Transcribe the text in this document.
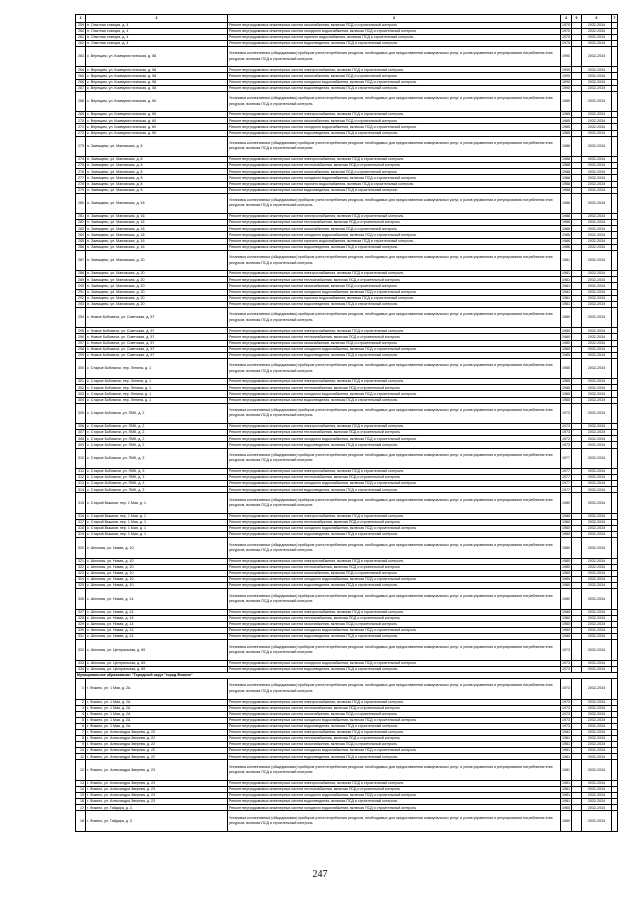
1	2	3	4	5	6	7
259	п. Опытная станция, д. 4	Ремонт внутридомовых инженерных систем газоснабжения, включая ПСД и строительный контроль	1970		2032-2034	
260	п. Опытная станция, д. 4	Ремонт внутридомовых инженерных систем холодного водоснабжения, включая ПСД и строительный контроль	1970		2032-2034	
261	п. Опытная станция, д. 4	Ремонт внутридомовых инженерных систем горячего водоснабжения, включая ПСД и строительный контроль	1970		2032-2034	
262	п. Опытная станция, д. 4	Ремонт внутридомовых инженерных систем водоотведения, включая ПСД и строительный контроль	1970		2032-2034	
263	с. Верещим, ул. Коммунистическая, д. 58	Установка коллективных (общедомовых) приборов учета потребления ресурсов, необходимых для предоставления коммунальных услуг, и узлов управления и регулирования потребления этих ресурсов, включая ПСД и строительный контроль	1990		2032-2034	
264	с. Верещим, ул. Коммунистическая, д. 58	Ремонт внутридомовых инженерных систем электроснабжения, включая ПСД и строительный контроль	1990		2032-2034	
265	с. Верещим, ул. Коммунистическая, д. 58	Ремонт внутридомовых инженерных систем газоснабжения, включая ПСД и строительный контроль	1990		2032-2034	
266	с. Верещим, ул. Коммунистическая, д. 58	Ремонт внутридомовых инженерных систем холодного водоснабжения, включая ПСД и строительный контроль	1990		2032-2034	
267	с. Верещим, ул. Коммунистическая, д. 58	Ремонт внутридомовых инженерных систем водоотведения, включая ПСД и строительный контроль	1990		2032-2034	
268	с. Верещим, ул. Коммунистическая, д. 60	Установка коллективных (общедомовых) приборов учета потребления ресурсов, необходимых для предоставления коммунальных услуг, и узлов управления и регулирования потребления этих ресурсов, включая ПСД и строительный контроль	1985		2032-2034	
269	с. Верещим, ул. Коммунистическая, д. 60	Ремонт внутридомовых инженерных систем электроснабжения, включая ПСД и строительный контроль	1985		2032-2034	
270	с. Верещим, ул. Коммунистическая, д. 60	Ремонт внутридомовых инженерных систем газоснабжения, включая ПСД и строительный контроль	1985		2032-2034	
271	с. Верещим, ул. Коммунистическая, д. 60	Ремонт внутридомовых инженерных систем холодного водоснабжения, включая ПСД и строительный контроль	1985		2032-2034	
272	с. Верещим, ул. Коммунистическая, д. 60	Ремонт внутридомовых инженерных систем водоотведения, включая ПСД и строительный контроль	1985		2032-2034	
273	п. Заимщево, ул. Мановская, д. 8	Установка коллективных (общедомовых) приборов учета потребления ресурсов, необходимых для предоставления коммунальных услуг, и узлов управления и регулирования потребления этих ресурсов, включая ПСД и строительный контроль	1988		2032-2034	
274	п. Заимщево, ул. Мановская, д. 8	Ремонт внутридомовых инженерных систем электроснабжения, включая ПСД и строительный контроль	1988		2032-2034	
275	п. Заимщево, ул. Мановская, д. 8	Ремонт внутридомовых инженерных систем теплоснабжения, включая ПСД и строительный контроль	1988		2032-2034	
276	п. Заимщево, ул. Мановская, д. 8	Ремонт внутридомовых инженерных систем газоснабжения, включая ПСД и строительный контроль	1988		2032-2034	
277	п. Заимщево, ул. Мановская, д. 8	Ремонт внутридомовых инженерных систем холодного водоснабжения, включая ПСД и строительный контроль	1988		2032-2034	
278	п. Заимщево, ул. Мановская, д. 8	Ремонт внутридомовых инженерных систем горячего водоснабжения, включая ПСД и строительный контроль	1988		2032-2034	
279	п. Заимщево, ул. Мановская, д. 8	Ремонт внутридомовых инженерных систем водоотведения, включая ПСД и строительный контроль	1988		2032-2034	
280	п. Заимщево, ул. Мановская, д. 16	Установка коллективных (общедомовых) приборов учета потребления ресурсов, необходимых для предоставления коммунальных услуг, и узлов управления и регулирования потребления этих ресурсов, включая ПСД и строительный контроль	1986		2032-2034	
281	п. Заимщево, ул. Мановская, д. 16	Ремонт внутридомовых инженерных систем электроснабжения, включая ПСД и строительный контроль	1986		2032-2034	
282	п. Заимщево, ул. Мановская, д. 16	Ремонт внутридомовых инженерных систем теплоснабжения, включая ПСД и строительный контроль	1986		2032-2034	
283	п. Заимщево, ул. Мановская, д. 16	Ремонт внутридомовых инженерных систем газоснабжения, включая ПСД и строительный контроль	1986		2032-2034	
284	п. Заимщево, ул. Мановская, д. 16	Ремонт внутридомовых инженерных систем холодного водоснабжения, включая ПСД и строительный контроль	1986		2032-2034	
285	п. Заимщево, ул. Мановская, д. 16	Ремонт внутридомовых инженерных систем горячего водоснабжения, включая ПСД и строительный контроль	1986		2032-2034	
286	п. Заимщево, ул. Мановская, д. 16	Ремонт внутридомовых инженерных систем водоотведения, включая ПСД и строительный контроль	1986		2032-2034	
287	п. Заимщево, ул. Мановская, д. 20	Установка коллективных (общедомовых) приборов учета потребления ресурсов, необходимых для предоставления коммунальных услуг, и узлов управления и регулирования потребления этих ресурсов, включая ПСД и строительный контроль	1981		2032-2034	
288	п. Заимщево, ул. Мановская, д. 20	Ремонт внутридомовых инженерных систем электроснабжения, включая ПСД и строительный контроль	1981		2032-2034	
289	п. Заимщево, ул. Мановская, д. 20	Ремонт внутридомовых инженерных систем теплоснабжения, включая ПСД и строительный контроль	1981		2032-2034	
290	п. Заимщево, ул. Мановская, д. 20	Ремонт внутридомовых инженерных систем газоснабжения, включая ПСД и строительный контроль	1981		2032-2034	
291	п. Заимщево, ул. Мановская, д. 20	Ремонт внутридомовых инженерных систем холодного водоснабжения, включая ПСД и строительный контроль	1981		2032-2034	
292	п. Заимщево, ул. Мановская, д. 20	Ремонт внутридомовых инженерных систем горячего водоснабжения, включая ПСД и строительный контроль	1981		2032-2034	
293	п. Заимщево, ул. Мановская, д. 20	Ремонт внутридомовых инженерных систем водоотведения, включая ПСД и строительный контроль	1981		2032-2034	
294	с. Новые Бобовичи, ул. Советская, д. 57	Установка коллективных (общедомовых) приборов учета потребления ресурсов, необходимых для предоставления коммунальных услуг, и узлов управления и регулирования потребления этих ресурсов, включая ПСД и строительный контроль	1980		2032-2034	
295	с. Новые Бобовичи, ул. Советская, д. 57	Ремонт внутридомовых инженерных систем электроснабжения, включая ПСД и строительный контроль	1980		2032-2034	
296	с. Новые Бобовичи, ул. Советская, д. 57	Ремонт внутридомовых инженерных систем теплоснабжения, включая ПСД и строительный контроль	1980		2032-2034	
297	с. Новые Бобовичи, ул. Советская, д. 57	Ремонт внутридомовых инженерных систем газоснабжения, включая ПСД и строительный контроль	1980		2032-2034	
298	с. Новые Бобовичи, ул. Советская, д. 57	Ремонт внутридомовых инженерных систем холодного водоснабжения, включая ПСД и строительный контроль	1980		2032-2034	
299	с. Новые Бобовичи, ул. Советская, д. 57	Ремонт внутридомовых инженерных систем водоотведения, включая ПСД и строительный контроль	1980		2032-2034	
300	с. Старые Бобовичи, пер. Ленина, д. 1	Установка коллективных (общедомовых) приборов учета потребления ресурсов, необходимых для предоставления коммунальных услуг, и узлов управления и регулирования потребления этих ресурсов, включая ПСД и строительный контроль	1985		2032-2034	
301	с. Старые Бобовичи, пер. Ленина, д. 1	Ремонт внутридомовых инженерных систем электроснабжения, включая ПСД и строительный контроль	1985		2032-2034	
302	с. Старые Бобовичи, пер. Ленина, д. 1	Ремонт внутридомовых инженерных систем теплоснабжения, включая ПСД и строительный контроль	1985		2032-2034	
303	с. Старые Бобовичи, пер. Ленина, д. 1	Ремонт внутридомовых инженерных систем холодного водоснабжения, включая ПСД и строительный контроль	1985		2032-2034	
304	с. Старые Бобовичи, пер. Ленина, д. 1	Ремонт внутридомовых инженерных систем водоотведения, включая ПСД и строительный контроль	1985		2032-2034	
305	с. Старые Бобовичи, ул. ПМК, д. 2	Установка коллективных (общедомовых) приборов учета потребления ресурсов, необходимых для предоставления коммунальных услуг, и узлов управления и регулирования потребления этих ресурсов, включая ПСД и строительный контроль	1973		2032-2034	
306	с. Старые Бобовичи, ул. ПМК, д. 2	Ремонт внутридомовых инженерных систем электроснабжения, включая ПСД и строительный контроль	1973		2032-2034	
307	с. Старые Бобовичи, ул. ПМК, д. 2	Ремонт внутридомовых инженерных систем теплоснабжения, включая ПСД и строительный контроль	1973		2032-2034	
308	с. Старые Бобовичи, ул. ПМК, д. 2	Ремонт внутридомовых инженерных систем холодного водоснабжения, включая ПСД и строительный контроль	1973		2032-2034	
309	с. Старые Бобовичи, ул. ПМК, д. 2	Ремонт внутридомовых инженерных систем водоотведения, включая ПСД и строительный контроль	1973		2032-2034	
310	с. Старые Бобовичи, ул. ПМК, д. 3	Установка коллективных (общедомовых) приборов учета потребления ресурсов, необходимых для предоставления коммунальных услуг, и узлов управления и регулирования потребления этих ресурсов, включая ПСД и строительный контроль	1977		2032-2034	
311	с. Старые Бобовичи, ул. ПМК, д. 3	Ремонт внутридомовых инженерных систем электроснабжения, включая ПСД и строительный контроль	1977		2032-2034	
312	с. Старые Бобовичи, ул. ПМК, д. 3	Ремонт внутридомовых инженерных систем теплоснабжения, включая ПСД и строительный контроль	1977		2032-2034	
313	с. Старые Бобовичи, ул. ПМК, д. 3	Ремонт внутридомовых инженерных систем холодного водоснабжения, включая ПСД и строительный контроль	1977		2032-2034	
314	с. Старые Бобовичи, ул. ПМК, д. 3	Ремонт внутридомовых инженерных систем водоотведения, включая ПСД и строительный контроль	1977		2032-2034	
315	с. Старый Вышков, пер. 1 Мая, д. 1	Установка коллективных (общедомовых) приборов учета потребления ресурсов, необходимых для предоставления коммунальных услуг, и узлов управления и регулирования потребления этих ресурсов, включая ПСД и строительный контроль	1980		2032-2034	
316	с. Старый Вышков, пер. 1 Мая, д. 1	Ремонт внутридомовых инженерных систем электроснабжения, включая ПСД и строительный контроль	1980		2032-2034	
317	с. Старый Вышков, пер. 1 Мая, д. 1	Ремонт внутридомовых инженерных систем теплоснабжения, включая ПСД и строительный контроль	1980		2032-2034	
318	с. Старый Вышков, пер. 1 Мая, д. 1	Ремонт внутридомовых инженерных систем холодного водоснабжения, включая ПСД и строительный контроль	1980		2032-2034	
319	с. Старый Вышков, пер. 1 Мая, д. 1	Ремонт внутридомовых инженерных систем водоотведения, включая ПСД и строительный контроль	1980		2032-2034	
320	с. Шеломы, ул. Новая, д. 10	Установка коллективных (общедомовых) приборов учета потребления ресурсов, необходимых для предоставления коммунальных услуг, и узлов управления и регулирования потребления этих ресурсов, включая ПСД и строительный контроль	1980		2032-2034	
321	с. Шеломы, ул. Новая, д. 10	Ремонт внутридомовых инженерных систем электроснабжения, включая ПСД и строительный контроль	1980		2032-2034	
322	с. Шеломы, ул. Новая, д. 10	Ремонт внутридомовых инженерных систем теплоснабжения, включая ПСД и строительный контроль	1980		2032-2034	
323	с. Шеломы, ул. Новая, д. 10	Ремонт внутридомовых инженерных систем газоснабжения, включая ПСД и строительный контроль	1980		2032-2034	
324	с. Шеломы, ул. Новая, д. 10	Ремонт внутридомовых инженерных систем холодного водоснабжения, включая ПСД и строительный контроль	1980		2032-2034	
325	с. Шеломы, ул. Новая, д. 10	Ремонт внутридомовых инженерных систем водоотведения, включая ПСД и строительный контроль	1980		2032-2034	
326	с. Шеломы, ул. Новая, д. 14	Установка коллективных (общедомовых) приборов учета потребления ресурсов, необходимых для предоставления коммунальных услуг, и узлов управления и регулирования потребления этих ресурсов, включая ПСД и строительный контроль	1980		2032-2034	
327	с. Шеломы, ул. Новая, д. 14	Ремонт внутридомовых инженерных систем электроснабжения, включая ПСД и строительный контроль	1980		2032-2034	
328	с. Шеломы, ул. Новая, д. 14	Ремонт внутридомовых инженерных систем теплоснабжения, включая ПСД и строительный контроль	1980		2032-2034	
329	с. Шеломы, ул. Новая, д. 14	Ремонт внутридомовых инженерных систем газоснабжения, включая ПСД и строительный контроль	1980		2032-2034	
330	с. Шеломы, ул. Новая, д. 14	Ремонт внутридомовых инженерных систем холодного водоснабжения, включая ПСД и строительный контроль	1980		2032-2034	
331	с. Шеломы, ул. Новая, д. 14	Ремонт внутридомовых инженерных систем водоотведения, включая ПСД и строительный контроль	1980		2032-2034	
332	с. Шеломы, ул. Центральная, д. 89	Установка коллективных (общедомовых) приборов учета потребления ресурсов, необходимых для предоставления коммунальных услуг, и узлов управления и регулирования потребления этих ресурсов, включая ПСД и строительный контроль	1973		2032-2034	
333	с. Шеломы, ул. Центральная, д. 89	Ремонт внутридомовых инженерных систем холодного водоснабжения, включая ПСД и строительный контроль	1973		2032-2034	
334	с. Шеломы, ул. Центральная, д. 89	Ремонт внутридомовых инженерных систем водоотведения, включая ПСД и строительный контроль	1973		2032-2034	
Муниципальное образование: "Городской округ "город Фокино"						
1	г. Фокино, ул. 1 Мая, д. 2А	Установка коллективных (общедомовых) приборов учета потребления ресурсов, необходимых для предоставления коммунальных услуг, и узлов управления и регулирования потребления этих ресурсов, включая ПСД и строительный контроль	1973		2032-2034	
2	г. Фокино, ул. 1 Мая, д. 2А	Ремонт внутридомовых инженерных систем электроснабжения, включая ПСД и строительный контроль	1973		2032-2034	
3	г. Фокино, ул. 1 Мая, д. 2А	Ремонт внутридомовых инженерных систем теплоснабжения, включая ПСД и строительный контроль	1973		2032-2034	
4	г. Фокино, ул. 1 Мая, д. 2А	Ремонт внутридомовых инженерных систем газоснабжения, включая ПСД и строительный контроль	1973		2032-2034	
5	г. Фокино, ул. 1 Мая, д. 2А	Ремонт внутридомовых инженерных систем холодного водоснабжения, включая ПСД и строительный контроль	1973		2032-2034	
6	г. Фокино, ул. 1 Мая, д. 2А	Ремонт внутридомовых инженерных систем водоотведения, включая ПСД и строительный контроль	1973		2032-2034	
7	г. Фокино, ул. Александра Зверева, д. 22	Ремонт внутридомовых инженерных систем электроснабжения, включая ПСД и строительный контроль	1981		2032-2034	
8	г. Фокино, ул. Александра Зверева, д. 22	Ремонт внутридомовых инженерных систем теплоснабжения, включая ПСД и строительный контроль	1981		2032-2034	
9	г. Фокино, ул. Александра Зверева, д. 22	Ремонт внутридомовых инженерных систем газоснабжения, включая ПСД и строительный контроль	1981		2032-2034	
10	г. Фокино, ул. Александра Зверева, д. 22	Ремонт внутридомовых инженерных систем холодного водоснабжения, включая ПСД и строительный контроль	1981		2032-2034	
11	г. Фокино, ул. Александра Зверева, д. 22	Ремонт внутридомовых инженерных систем водоотведения, включая ПСД и строительный контроль	1981		2032-2034	
12	г. Фокино, ул. Александра Зверева, д. 23	Установка коллективных (общедомовых) приборов учета потребления ресурсов, необходимых для предоставления коммунальных услуг, и узлов управления и регулирования потребления этих ресурсов, включая ПСД и строительный контроль	1981		2032-2034	
13	г. Фокино, ул. Александра Зверева, д. 23	Ремонт внутридомовых инженерных систем электроснабжения, включая ПСД и строительный контроль	1981		2032-2034	
14	г. Фокино, ул. Александра Зверева, д. 23	Ремонт внутридомовых инженерных систем теплоснабжения, включая ПСД и строительный контроль	1981		2032-2034	
15	г. Фокино, ул. Александра Зверева, д. 23	Ремонт внутридомовых инженерных систем холодного водоснабжения, включая ПСД и строительный контроль	1981		2032-2034	
16	г. Фокино, ул. Александра Зверева, д. 23	Ремонт внутридомовых инженерных систем водоотведения, включая ПСД и строительный контроль	1981		2032-2034	
17	г. Фокино, ул. Гайдара, д. 3	Ремонт внутридомовых инженерных систем холодного водоснабжения, включая ПСД и строительный контроль	1960		2032-2034	
18	г. Фокино, ул. Гайдара, д. 3	Установка коллективных (общедомовых) приборов учета потребления ресурсов, необходимых для предоставления коммунальных услуг, и узлов управления и регулирования потребления этих ресурсов, включая ПСД и строительный контроль	1960		2032-2034	
247
